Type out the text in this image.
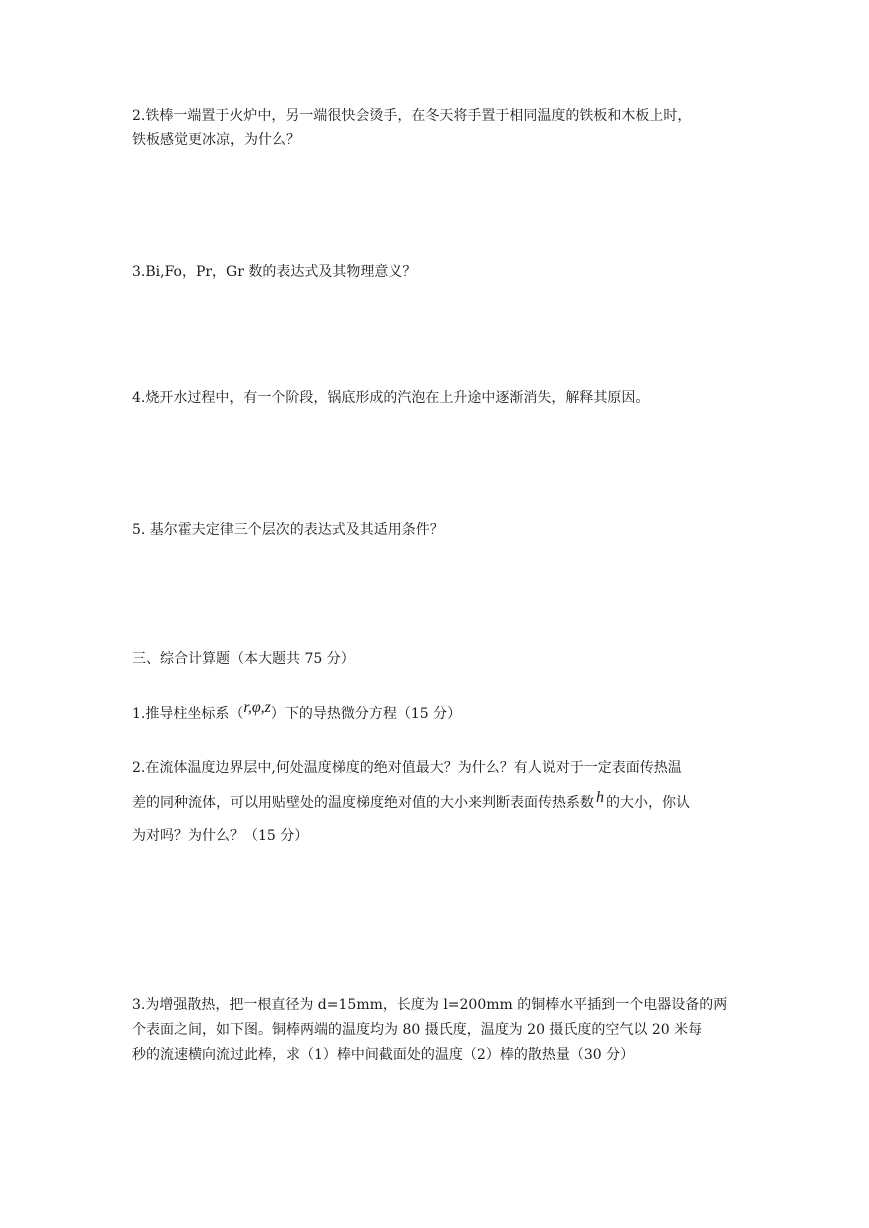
2.铁棒一端置于火炉中，另一端很快会烫手，在冬天将手置于相同温度的铁板和木板上时，
铁板感觉更冰凉，为什么？
3.Bi,Fo，Pr，Gr 数的表达式及其物理意义？
4.烧开水过程中，有一个阶段，锅底形成的汽泡在上升途中逐渐消失，解释其原因。
5. 基尔霍夫定律三个层次的表达式及其适用条件？
三、综合计算题（本大题共 75 分）
1.推导柱坐标系（r,φ,z）下的导热微分方程（15 分）
2.在流体温度边界层中,何处温度梯度的绝对值最大？为什么？有人说对于一定表面传热温
差的同种流体，可以用贴壁处的温度梯度绝对值的大小来判断表面传热系数 h 的大小，你认
为对吗？为什么？（15 分）
3.为增强散热，把一根直径为 d=15mm，长度为 l=200mm 的铜棒水平插到一个电器设备的两
个表面之间，如下图。铜棒两端的温度均为 80 摄氏度，温度为 20 摄氏度的空气以 20 米每
秒的流速横向流过此棒，求（1）棒中间截面处的温度（2）棒的散热量（30 分）
